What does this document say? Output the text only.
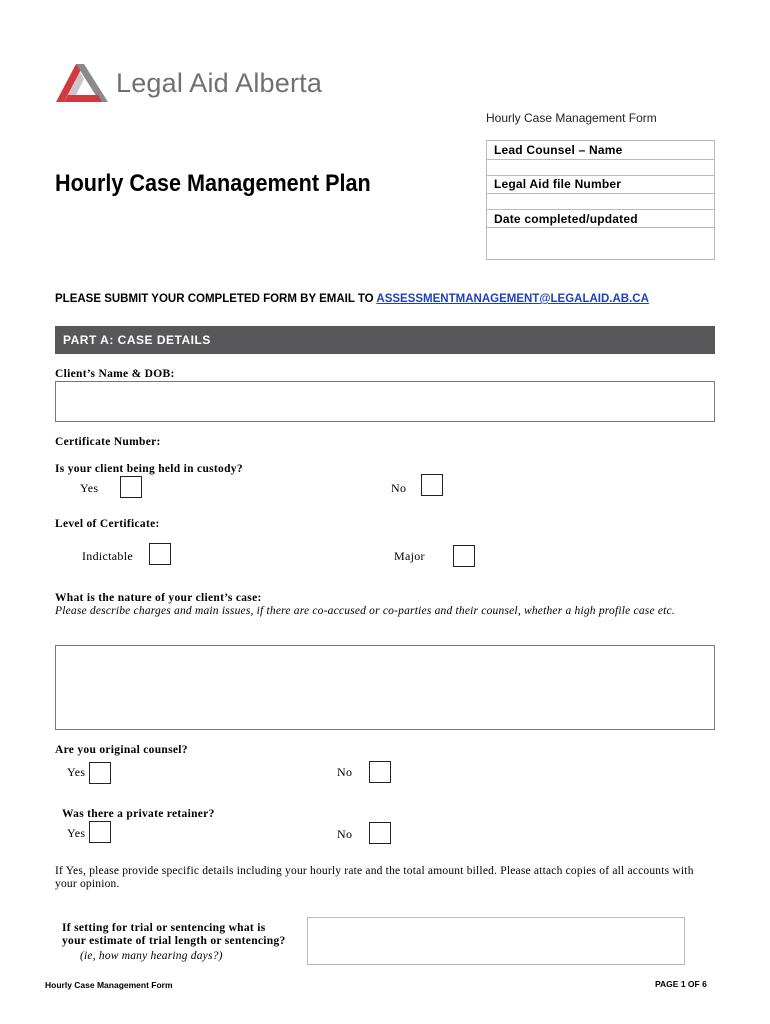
Legal Aid Alberta
Hourly Case Management Form
Hourly Case Management Plan
Lead Counsel – Name
Legal Aid file Number
Date completed/updated
PLEASE SUBMIT YOUR COMPLETED FORM BY EMAIL TO ASSESSMENTMANAGEMENT@LEGALAID.AB.CA
PART A: CASE DETAILS
Client’s Name & DOB:
Certificate Number:
Is your client being held in custody?
Yes	No
Level of Certificate:
Indictable	Major
What is the nature of your client’s case:
Please describe charges and main issues, if there are co-accused or co-parties and their counsel, whether a high profile case etc.
Are you original counsel?
Yes	No
Was there a private retainer?
Yes	No
If Yes, please provide specific details including your hourly rate and the total amount billed. Please attach copies of all accounts with your opinion.
If setting for trial or sentencing what is
your estimate of trial length or sentencing?
(ie, how many hearing days?)
Hourly Case Management Form	PAGE 1 OF 6
